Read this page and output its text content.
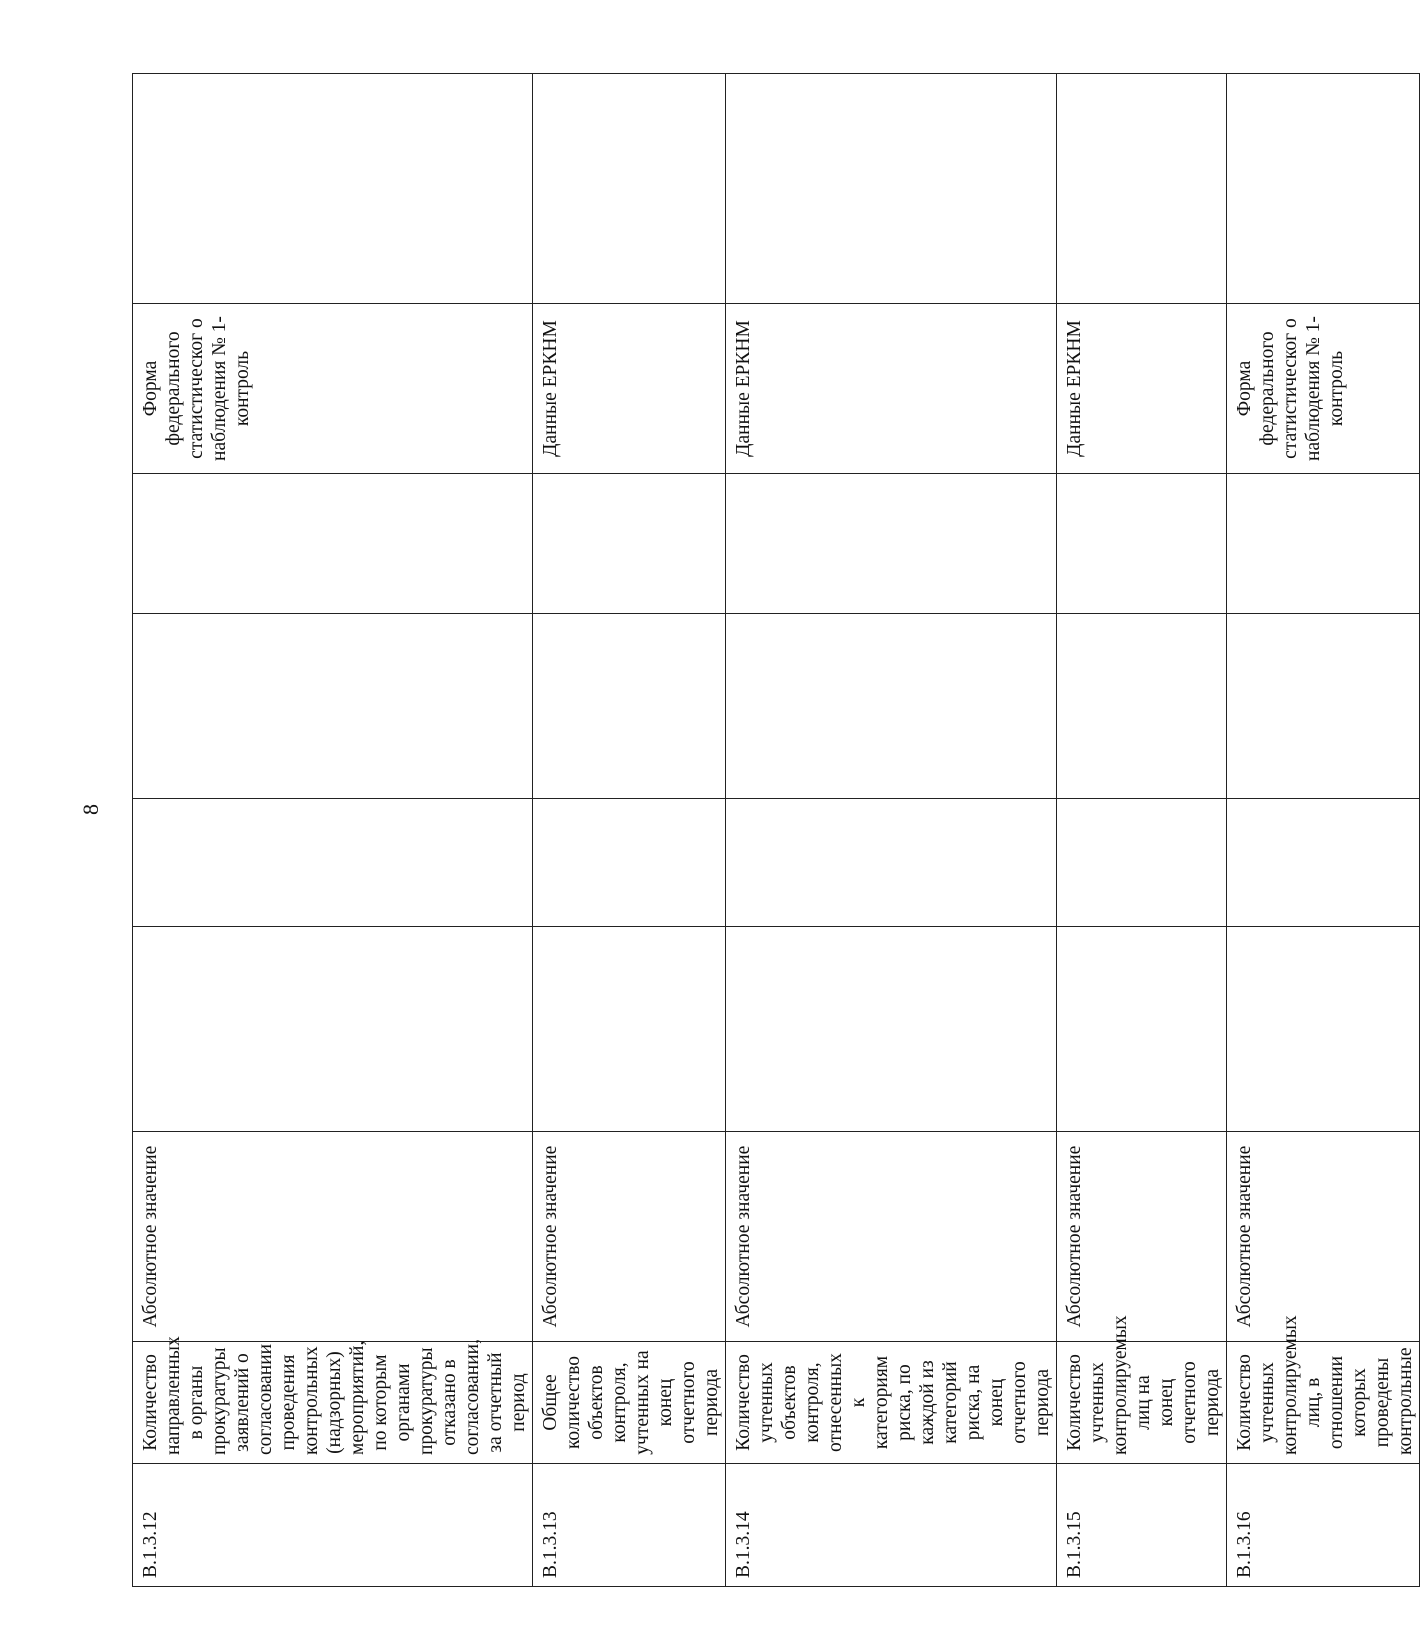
8
В.1.3.12	Количество направленных в органы прокуратуры заявлений о согласовании проведения контрольных (надзорных) мероприятий, по которым органами прокуратуры отказано в согласовании, за отчетный период	Абсолютное значение					Форма федерального статистическог о наблюдения № 1-контроль	
В.1.3.13	Общее количество объектов контроля, учтенных на конец отчетного периода	Абсолютное значение					Данные ЕРКНМ	
В.1.3.14	Количество учтенных объектов контроля, отнесенных к категориям риска, по каждой из категорий риска, на конец отчетного периода	Абсолютное значение					Данные ЕРКНМ	
В.1.3.15	Количество учтенных контролируемых лиц на конец отчетного периода	Абсолютное значение					Данные ЕРКНМ	
В.1.3.16	Количество учтенных контролируемых лиц, в отношении которых проведены контрольные	Абсолютное значение					Форма федерального статистическог о наблюдения № 1-контроль	
